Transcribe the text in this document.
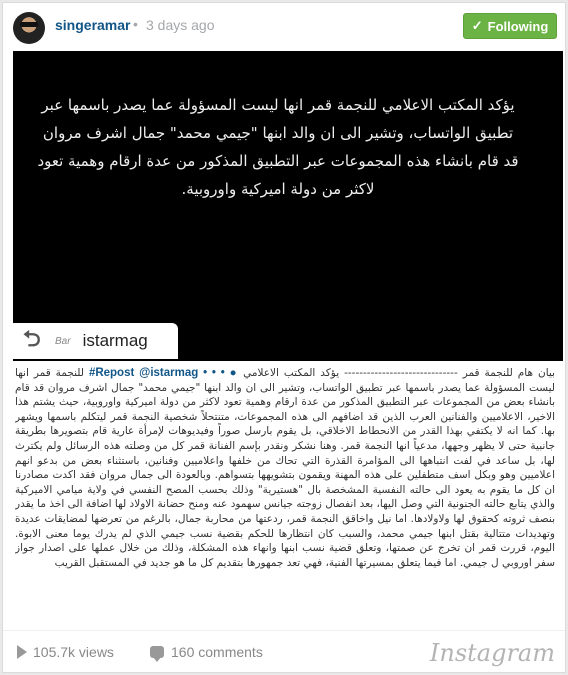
singeramar • 3 days ago	✓ Following
يؤكد المكتب الاعلامي للنجمة قمر انها ليست المسؤولة عما يصدر باسمها عبر تطبيق الواتساب، وتشير الى ان والد ابنها "جيمي محمد" جمال اشرف مروان قد قام بانشاء هذه المجموعات عبر التطبيق المذكور من عدة ارقام وهمية تعود لاكثر من دولة اميركية واوروبية.
⮌	Bar istarmag
بيان هام للنجمة قمر ------------------------------ يؤكد المكتب الاعلامي #Repost @istarmag • • • ● للنجمة قمر انها ليست المسؤولة عما يصدر باسمها عبر تطبيق الواتساب، وتشير الى ان والد ابنها "جيمي محمد" جمال اشرف مروان قد قام بانشاء بعض من المجموعات عبر التطبيق المذكور من عدة ارقام وهمية تعود لاكثر من دولة اميركية واوروبية، حيث يشتم هذا الاخير، الاعلاميين والفنانين العرب الذين قد اضافهم الى هذه المجموعات، متنتحلاً شخصية النجمة قمر ليتكلم باسمها ويشهر بها. كما انه لا يكتفي بهذا القدر من الانحطاط الاخلاقي، بل يقوم بارسل صوراً وفيديوهات لإمرأة عارية قام بتصويرها بطريقة جانبية حتى لا يظهر وجهها، مدعياً انها النجمة قمر. وهنا نشكر ونقدر بإسم الفنانة قمر كل من وصلته هذه الرسائل ولم يكترث لها، بل ساعد في لفت انتباهها الى المؤامرة القذرة التي تحاك من خلفها واعلاميين وفنانين، باستثناء بعض من بدعو انهم اعلاميين وهو وبكل اسف متطفلين على هذه المهنة ويقمون بتشويهها بتسواهم. وبالعودة الى جمال مروان فقد اكدت مصادرنا ان كل ما يقوم به يعود الى حالته النفسية المشخصة بال "هستيرية" وذلك بحسب المصح النفسي في ولاية ميامي الاميركية والذي يتابع حالته الجنونية التي وصل اليها، بعد انفصال زوجته جيانس سهمود عنه ومنح حضانة الاولاد لها اضافة الى اخذ ما يقدر بنصف ثروته كحقوق لها ولاولادها. اما نيل واخاقق النجمة قمر، ردعتها من محاربة جمال، بالرغم من تعرضها لمضايقات عديدة وتهديدات متتالية بقتل ابنها جيمي محمد، والسبب كان انتظارها للحكم بقضية نسب جيمي الذي لم يدرك يوما معنى الابوة. اليوم، قررت قمر ان تخرج عن صمتها، وتعلق قضية نسب ابنها وانهاء هذه المشكلة، وذلك من خلال عملها على اصدار جواز سفر اوروبي ل جيمي. اما فيما يتعلق بمسيرتها الفنية، فهي تعد جمهورها بتقديم كل ما هو جديد في المستقبل القريب
105.7k views	160 comments	Instagram
